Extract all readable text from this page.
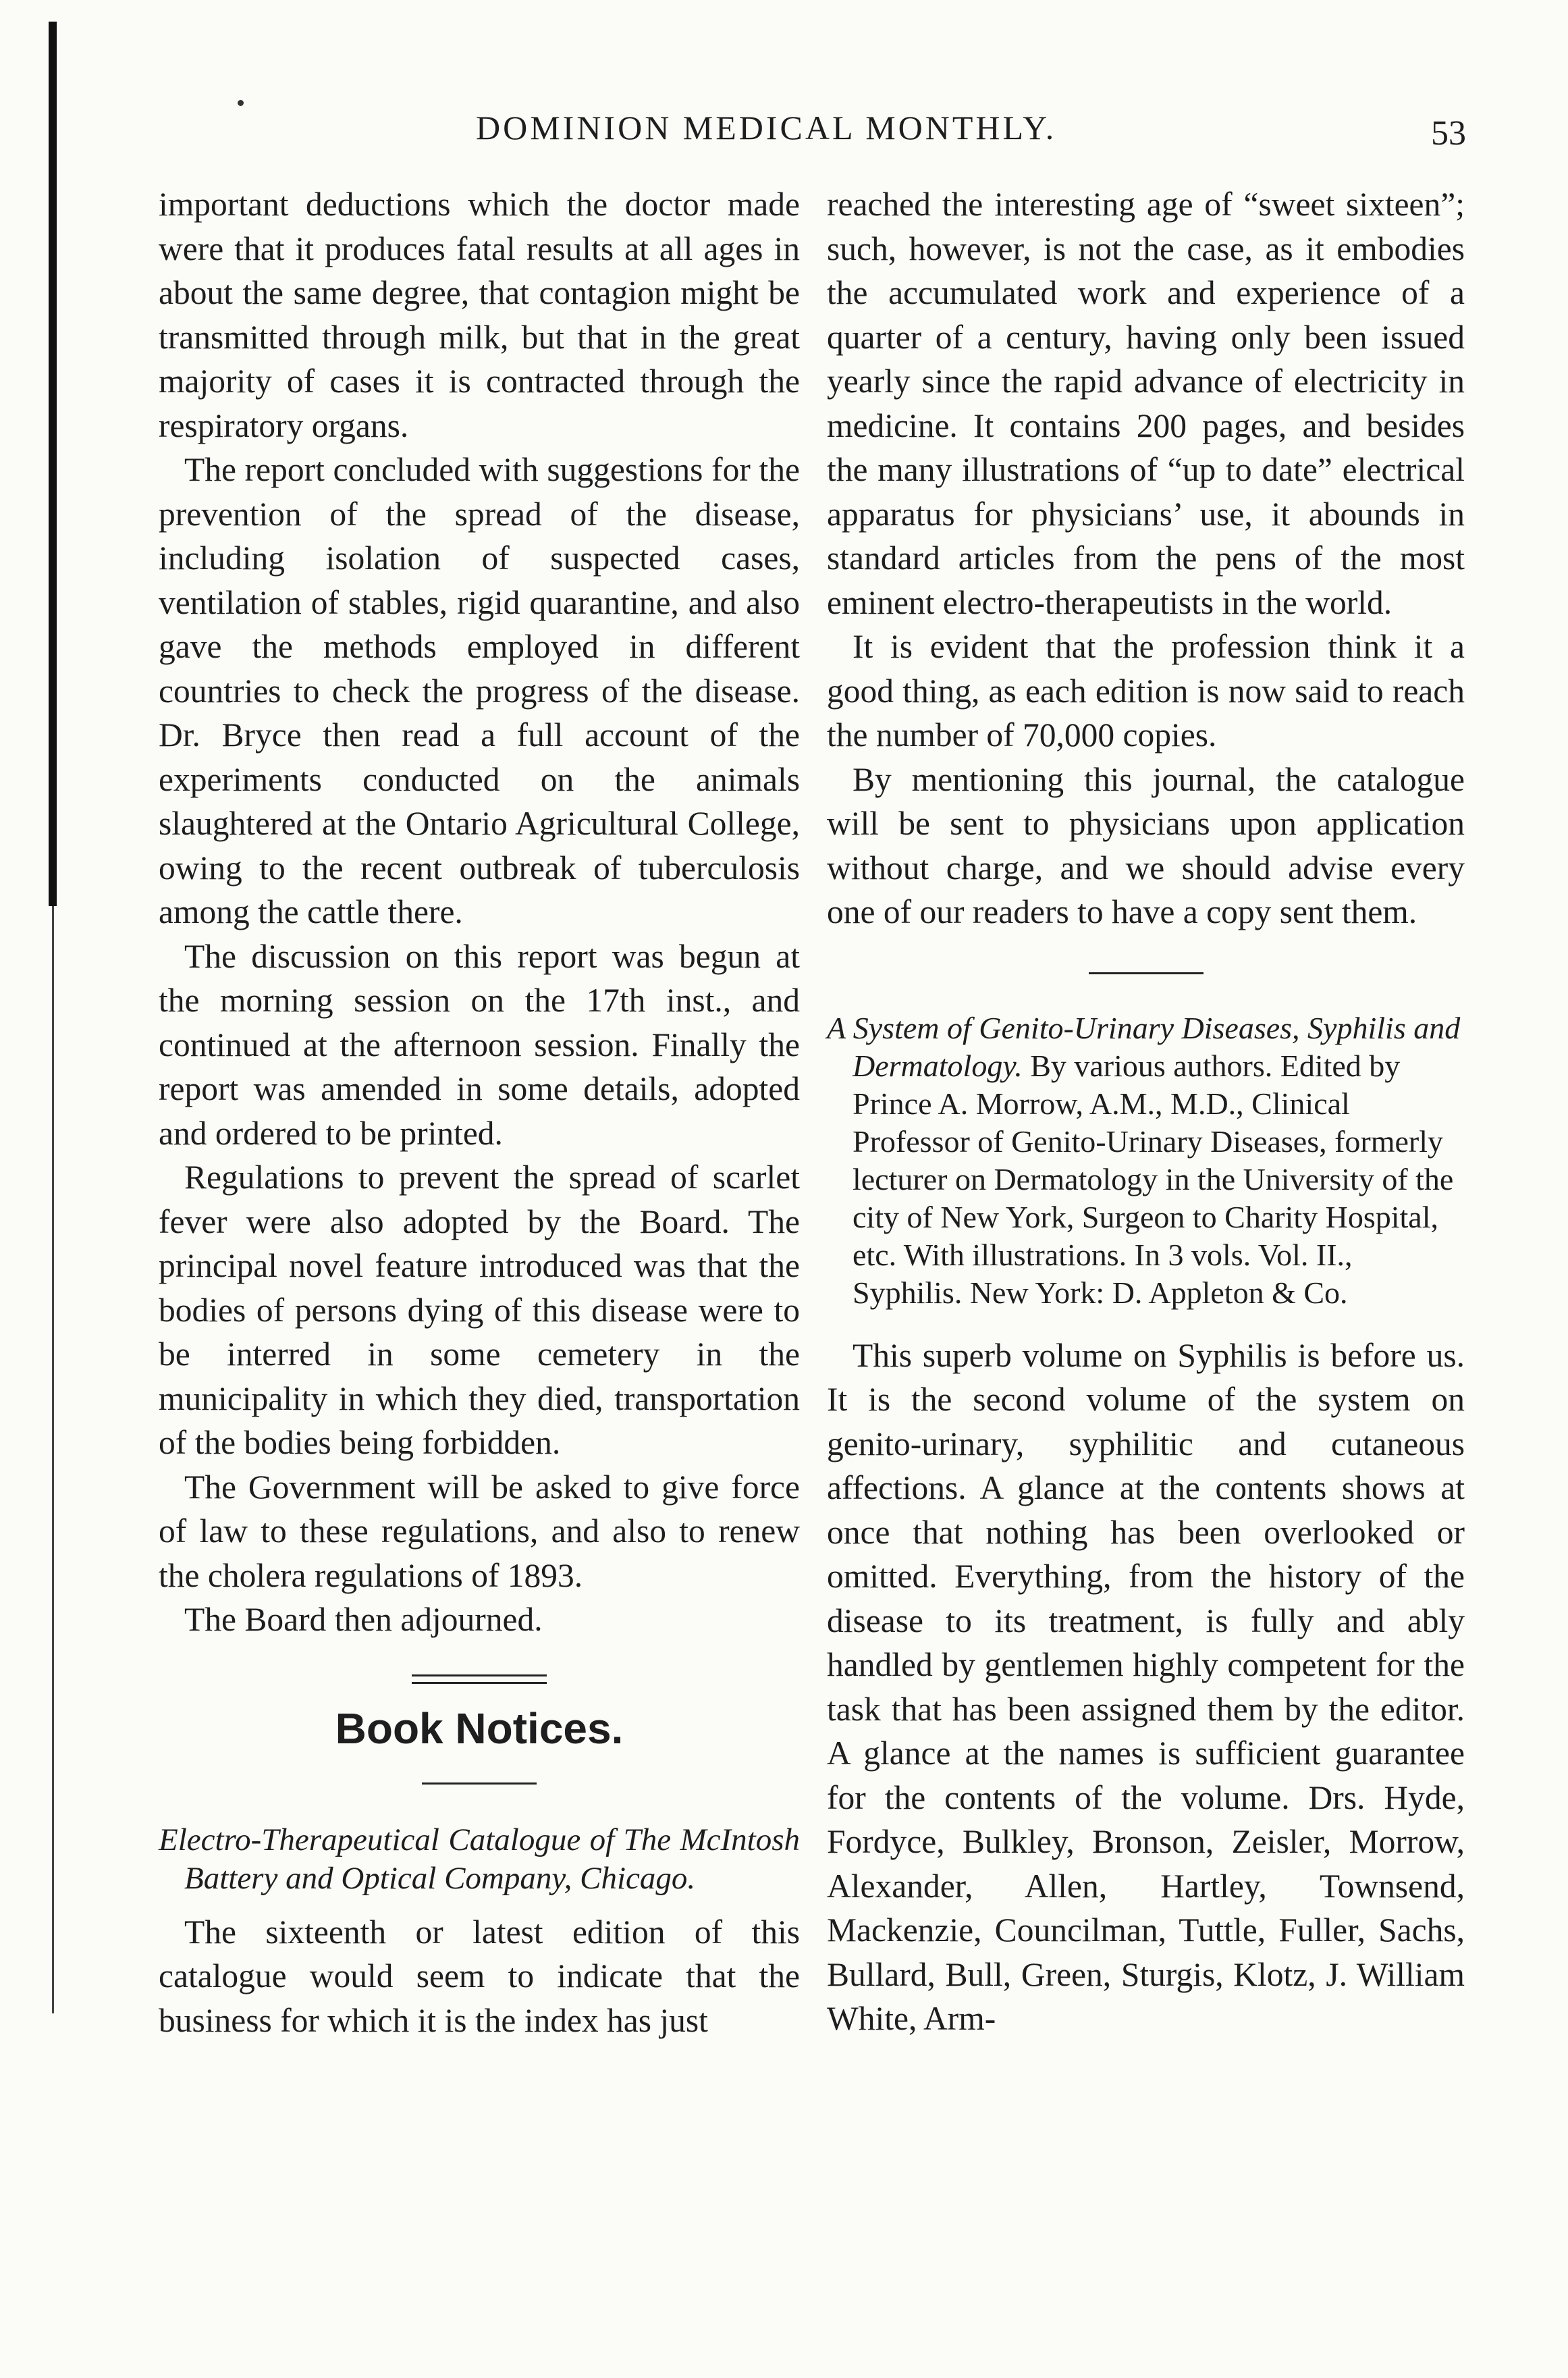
DOMINION MEDICAL MONTHLY.	53

important deductions which the doctor made were that it produces fatal results at all ages in about the same degree, that contagion might be transmitted through milk, but that in the great majority of cases it is contracted through the respiratory organs.

The report concluded with suggestions for the prevention of the spread of the disease, including isolation of suspected cases, ventilation of stables, rigid quarantine, and also gave the methods employed in different countries to check the progress of the disease. Dr. Bryce then read a full account of the experiments conducted on the animals slaughtered at the Ontario Agricultural College, owing to the recent outbreak of tuberculosis among the cattle there.

The discussion on this report was begun at the morning session on the 17th inst., and continued at the afternoon session. Finally the report was amended in some details, adopted and ordered to be printed.

Regulations to prevent the spread of scarlet fever were also adopted by the Board. The principal novel feature introduced was that the bodies of persons dying of this disease were to be interred in some cemetery in the municipality in which they died, transportation of the bodies being forbidden.

The Government will be asked to give force of law to these regulations, and also to renew the cholera regulations of 1893.

The Board then adjourned.

Book Notices.
Electro-Therapeutical Catalogue of The McIntosh Battery and Optical Company, Chicago.

The sixteenth or latest edition of this catalogue would seem to indicate that the business for which it is the index has just

reached the interesting age of “sweet sixteen”; such, however, is not the case, as it embodies the accumulated work and experience of a quarter of a century, having only been issued yearly since the rapid advance of electricity in medicine. It contains 200 pages, and besides the many illustrations of “up to date” electrical apparatus for physicians’ use, it abounds in standard articles from the pens of the most eminent electro-therapeutists in the world.

It is evident that the profession think it a good thing, as each edition is now said to reach the number of 70,000 copies.

By mentioning this journal, the catalogue will be sent to physicians upon application without charge, and we should advise every one of our readers to have a copy sent them.

A System of Genito-Urinary Diseases, Syphilis and Dermatology. By various authors. Edited by Prince A. Morrow, A.M., M.D., Clinical Professor of Genito-Urinary Diseases, formerly lecturer on Dermatology in the University of the city of New York, Surgeon to Charity Hospital, etc. With illustrations. In 3 vols. Vol. II., Syphilis. New York: D. Appleton & Co.

This superb volume on Syphilis is before us. It is the second volume of the system on genito-urinary, syphilitic and cutaneous affections. A glance at the contents shows at once that nothing has been overlooked or omitted. Everything, from the history of the disease to its treatment, is fully and ably handled by gentlemen highly competent for the task that has been assigned them by the editor. A glance at the names is sufficient guarantee for the contents of the volume. Drs. Hyde, Fordyce, Bulkley, Bronson, Zeisler, Morrow, Alexander, Allen, Hartley, Townsend, Mackenzie, Councilman, Tuttle, Fuller, Sachs, Bullard, Bull, Green, Sturgis, Klotz, J. William White, Arm-
